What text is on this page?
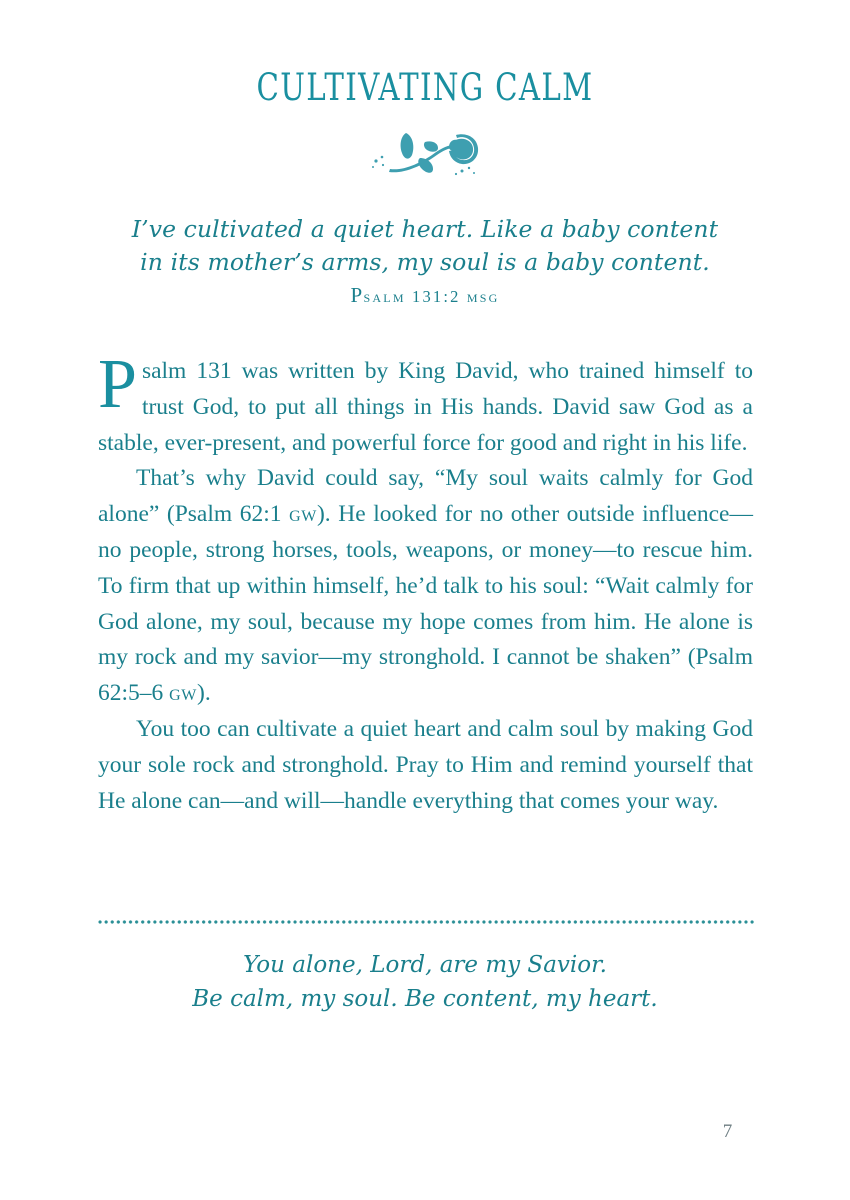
CULTIVATING CALM
I’ve cultivated a quiet heart. Like a baby content
in its mother’s arms, my soul is a baby content.
Psalm 131:2 msg

Psalm 131 was written by King David, who trained himself to trust God, to put all things in His hands. David saw God as a stable, ever-present, and powerful force for good and right in his life.

That’s why David could say, “My soul waits calmly for God alone” (Psalm 62:1 gw). He looked for no other outside influence—no people, strong horses, tools, weapons, or money—to rescue him. To firm that up within himself, he’d talk to his soul: “Wait calmly for God alone, my soul, because my hope comes from him. He alone is my rock and my savior—my stronghold. I cannot be shaken” (Psalm 62:5–6 gw).

You too can cultivate a quiet heart and calm soul by making God your sole rock and stronghold. Pray to Him and remind yourself that He alone can—and will—handle everything that comes your way.

You alone, Lord, are my Savior.
Be calm, my soul. Be content, my heart.
7
